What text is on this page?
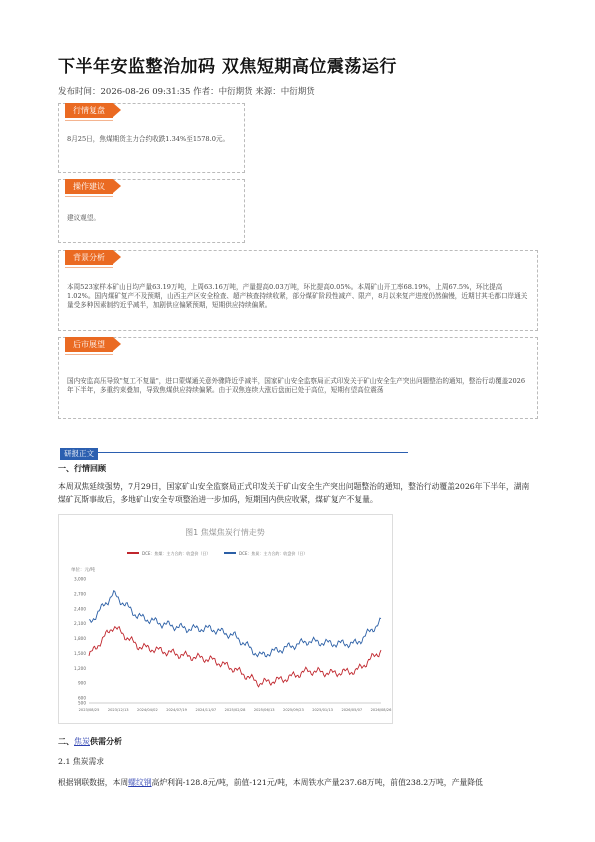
下半年安监整治加码 双焦短期高位震荡运行
发布时间：2026-08-26 09:31:35 作者：中衍期货 来源：中衍期货
行情复盘
8月25日，焦煤期货主力合约收跌1.34%至1578.0元。
操作建议
建议观望。
背景分析
本周523家样本矿山日均产量63.19万吨，上周63.16万吨，产量提高0.03万吨，环比提高0.05%。本周矿山开工率68.19%，上周67.5%，环比提高1.02%。国内煤矿复产不及预期，山西主产区安全检查、超产核查持续收紧，部分煤矿阶段性减产、限产，8月以来复产进度仍然偏慢，近期甘其毛都口岸通关量受多种因素制约近乎减半，加剧供应偏紧预期，短期供应持续偏紧。
后市展望
国内安监高压导致"复工不复量"，进口蒙煤通关意外骤降近乎减半，国家矿山安全监察局正式印发关于矿山安全生产突出问题整治的通知，整治行动覆盖2026年下半年，多重约束叠加，导致焦煤供应持续偏紧。由于双焦连续大涨后盘面已处于高位，短期有望高位震荡
研报正文
一、行情回顾
本周双焦延续强势，7月29日，国家矿山安全监察局正式印发关于矿山安全生产突出问题整治的通知，整治行动覆盖2026年下半年，湖南煤矿瓦斯事故后，多地矿山安全专项整治进一步加码，短期国内供应收紧，煤矿复产不复量。
图1 焦煤焦炭行情走势
DCE：焦煤：主力合约：收盘价（日）	DCE：焦炭：主力合约：收盘价（日）
单位：元/吨
3,000
2,700
2,400
2,100
1,800
1,500
1,200
900
600
500
2023/08/25 2023/12/13 2024/04/02 2024/07/19 2024/11/07 2025/02/28 2025/06/13 2025/09/23 2025/01/13 2026/05/07 2026/08/26
二、焦炭供需分析
2.1 焦炭需求
根据钢联数据，本周螺纹钢高炉利润-128.8元/吨，前值-121元/吨，本周铁水产量237.68万吨，前值238.2万吨，产量降低
